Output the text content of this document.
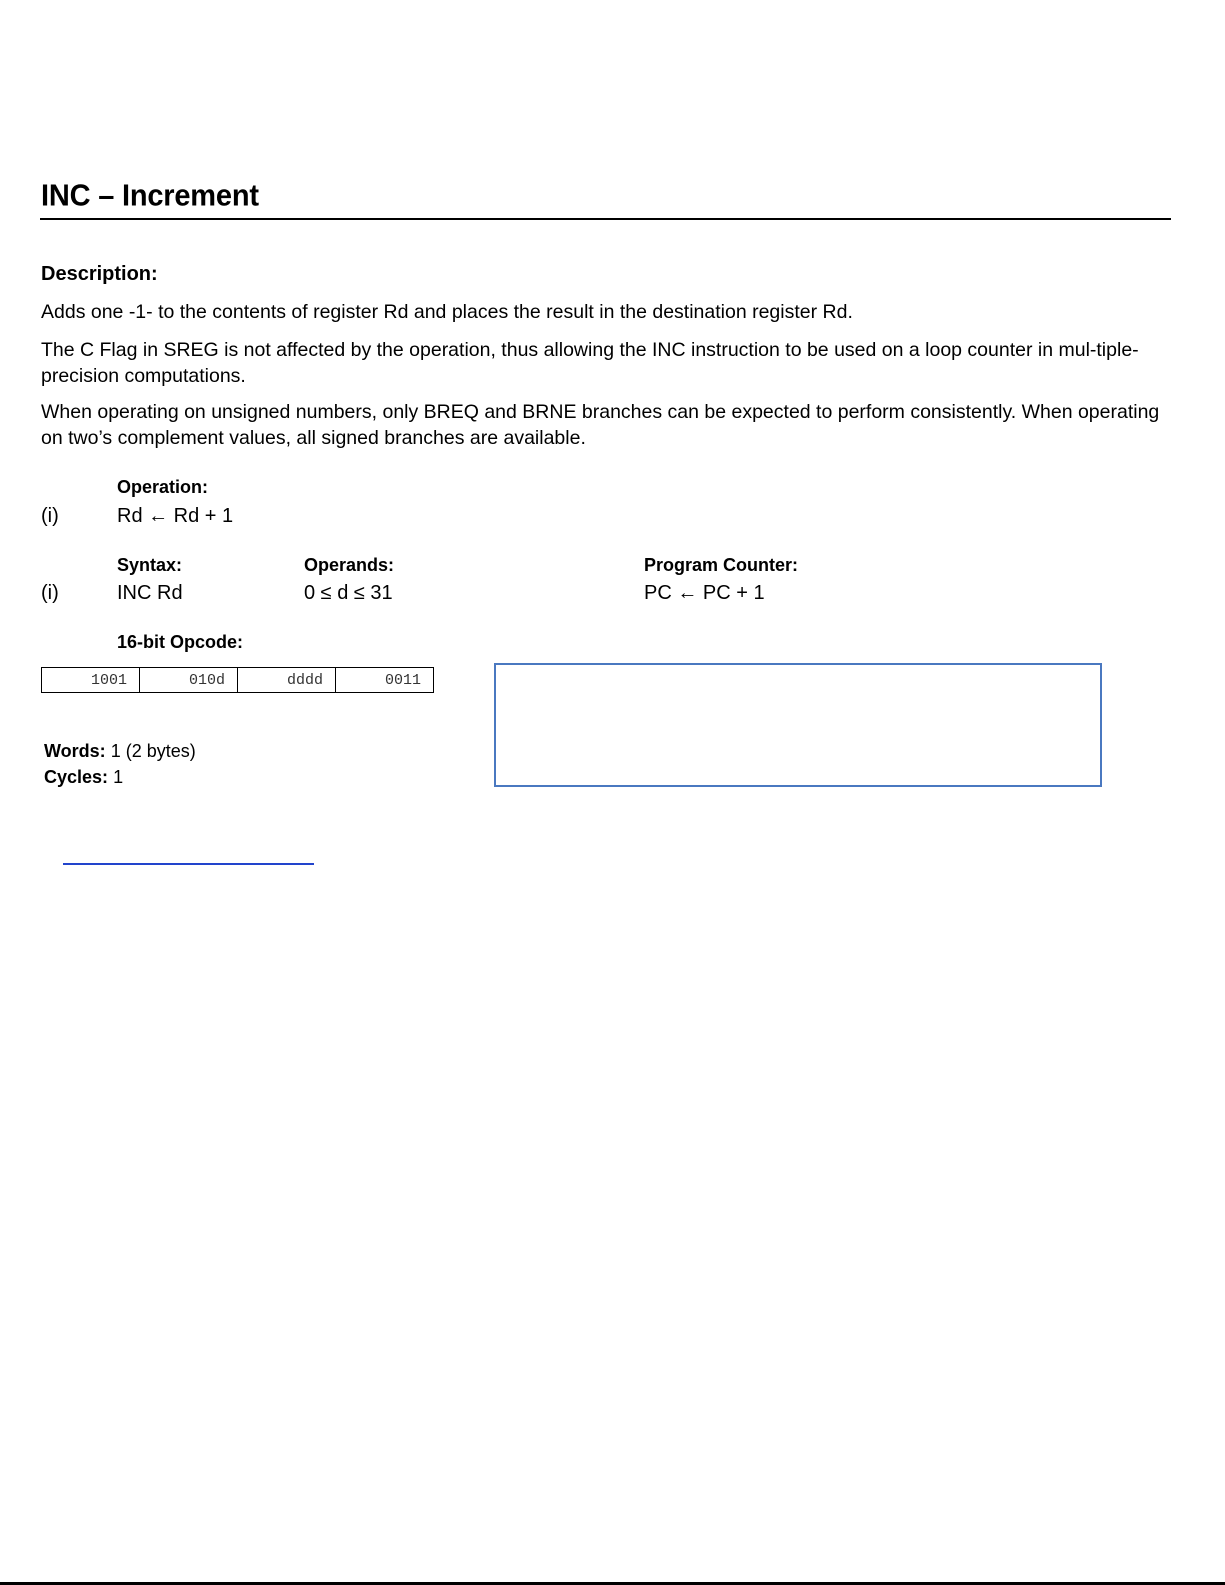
INC – Increment
Description:
Adds one -1- to the contents of register Rd and places the result in the destination register Rd.
The C Flag in SREG is not affected by the operation, thus allowing the INC instruction to be used on a loop counter in mul-tiple-precision computations.
When operating on unsigned numbers, only BREQ and BRNE branches can be expected to perform consistently. When operating on two’s complement values, all signed branches are available.
Operation:
(i)	Rd ← Rd + 1
Syntax:	Operands:	Program Counter:
(i)	INC Rd	0 ≤ d ≤ 31	PC ← PC + 1
16-bit Opcode:
1001	010d	dddd	0011
Words: 1 (2 bytes)
Cycles: 1
